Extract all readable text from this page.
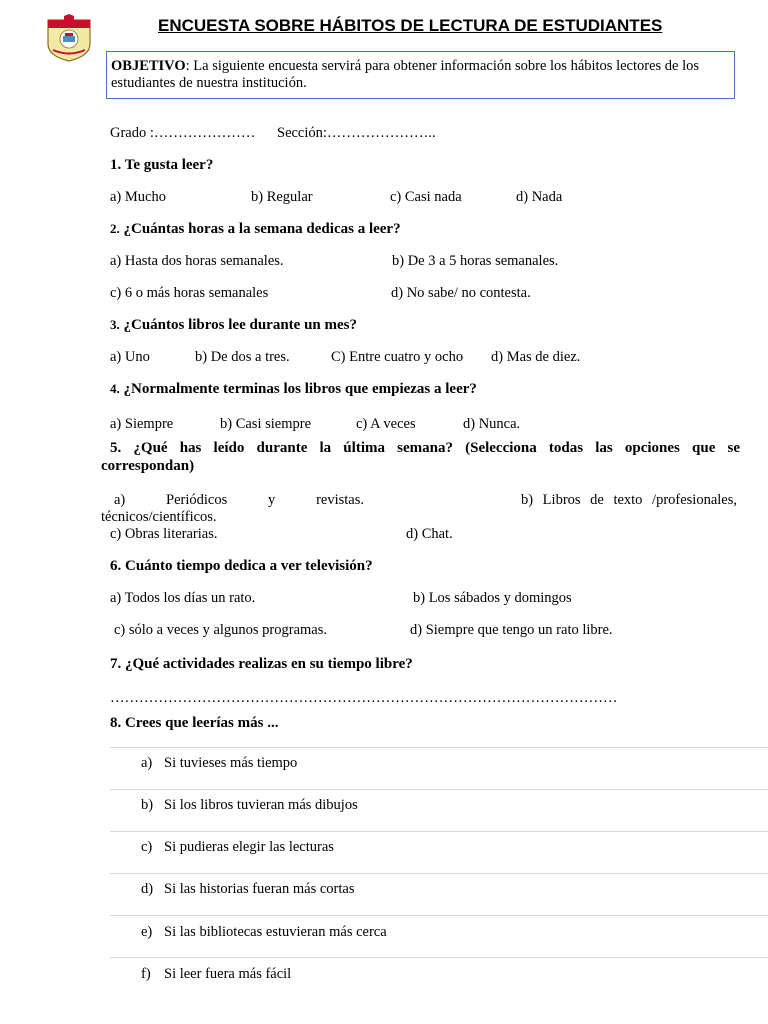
ENCUESTA SOBRE HÁBITOS DE LECTURA DE ESTUDIANTES
OBJETIVO: La siguiente encuesta servirá para obtener información sobre los hábitos lectores de los
estudiantes de nuestra institución.
Grado :………………… Sección:…………………..
1. Te gusta leer?
a) Mucho	b) Regular	c) Casi nada	d) Nada
2. ¿Cuántas horas a la semana dedicas a leer?
a) Hasta dos horas semanales.	b) De 3 a 5 horas semanales.
c) 6 o más horas semanales	d) No sabe/ no contesta.
3. ¿Cuántos libros lee durante un mes?
a) Uno	b) De dos a tres.	C) Entre cuatro y ocho d) Mas de diez.
4. ¿Normalmente terminas los libros que empiezas a leer?
a) Siempre	b) Casi siempre	c) A veces	d) Nunca.
5. ¿Qué has leído durante la última semana? (Selecciona todas las opciones que se
correspondan)
a) Periódicos y revistas.	b) Libros de texto /profesionales,
técnicos/científicos.
c) Obras literarias.	d) Chat.
6. Cuánto tiempo dedica a ver televisión?
a) Todos los días un rato.	b) Los sábados y domingos
c) sólo a veces y algunos programas.	d) Siempre que tengo un rato libre.
7. ¿Qué actividades realizas en su tiempo libre?
……………………………………………………………………………………………
8. Crees que leerías más ...
a) Si tuvieses más tiempo
b) Si los libros tuvieran más dibujos
c) Si pudieras elegir las lecturas
d) Si las historias fueran más cortas
e) Si las bibliotecas estuvieran más cerca
f) Si leer fuera más fácil
